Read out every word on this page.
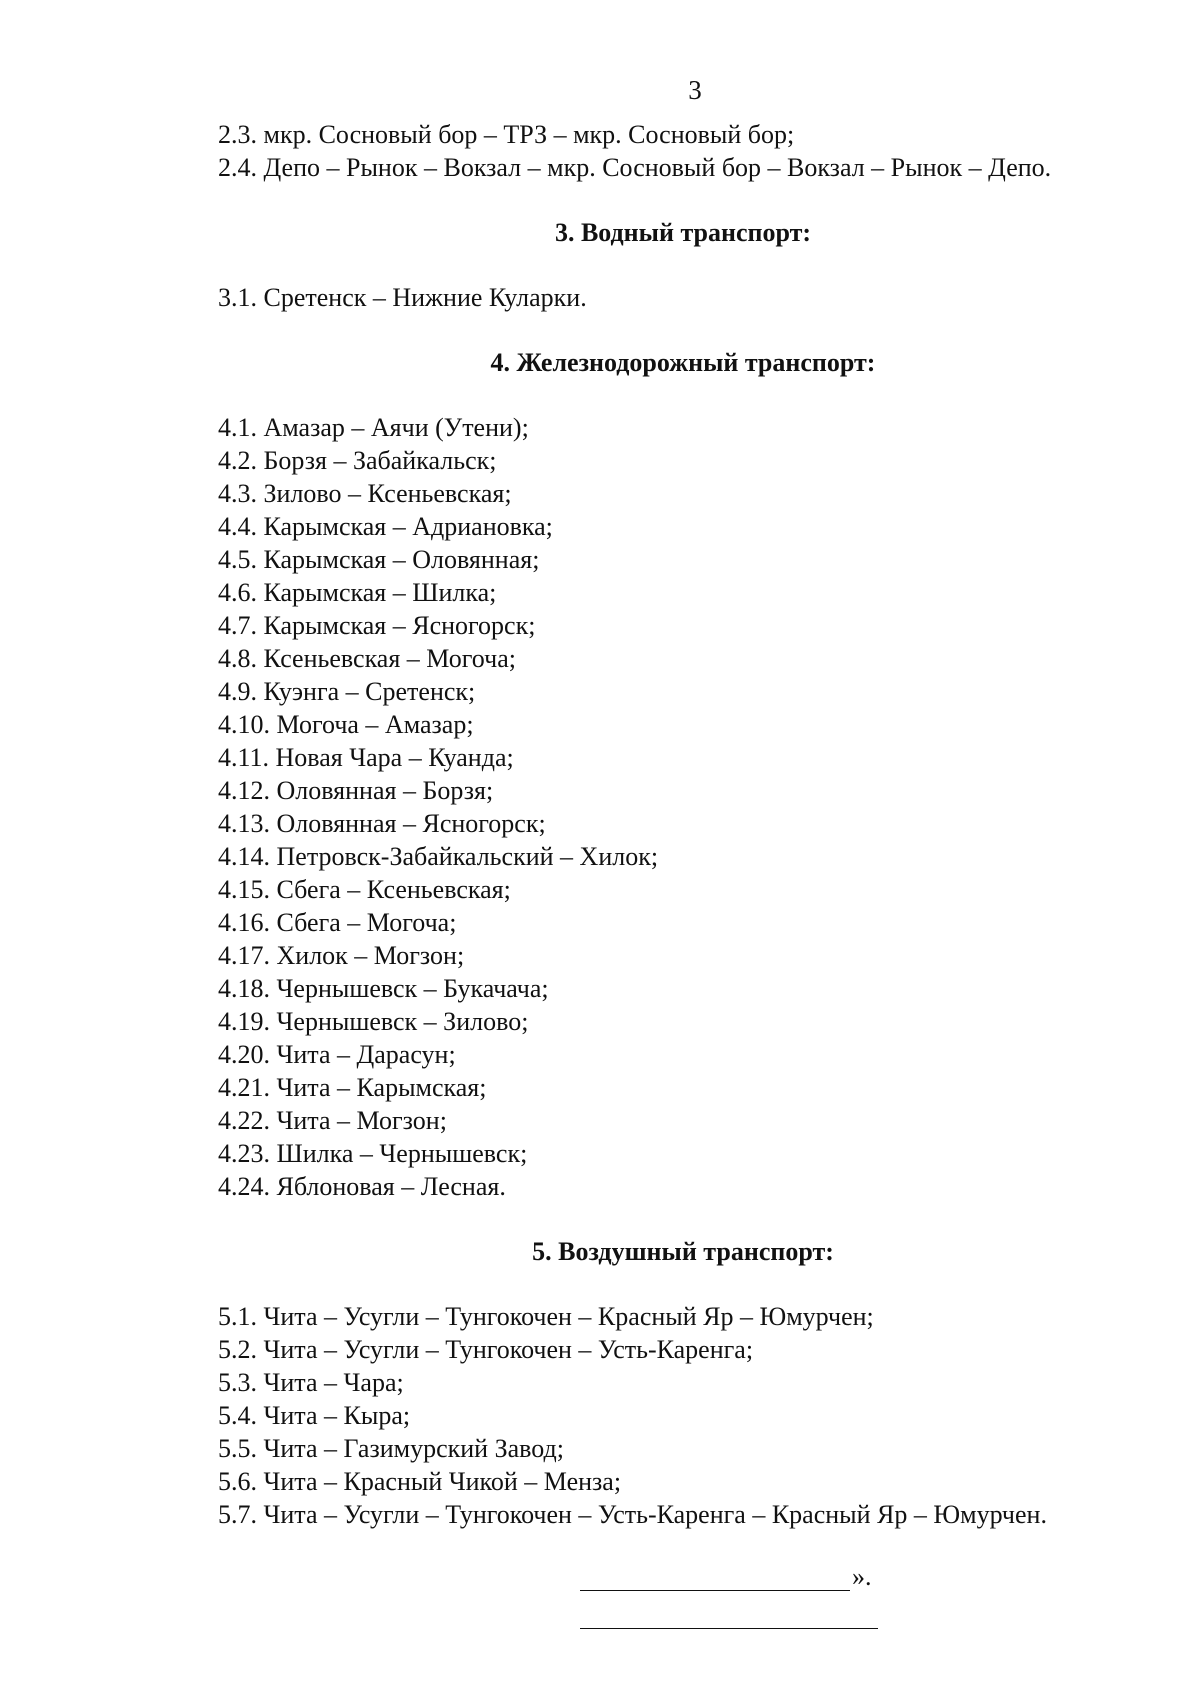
3
2.3. мкр. Сосновый бор – ТРЗ – мкр. Сосновый бор;
2.4. Депо – Рынок – Вокзал – мкр. Сосновый бор – Вокзал – Рынок – Депо.
3. Водный транспорт:
3.1. Сретенск – Нижние Куларки.
4. Железнодорожный транспорт:
4.1. Амазар – Аячи (Утени);
4.2. Борзя – Забайкальск;
4.3. Зилово – Ксеньевская;
4.4. Карымская – Адриановка;
4.5. Карымская – Оловянная;
4.6. Карымская – Шилка;
4.7. Карымская – Ясногорск;
4.8. Ксеньевская – Могоча;
4.9. Куэнга – Сретенск;
4.10. Могоча – Амазар;
4.11. Новая Чара – Куанда;
4.12. Оловянная – Борзя;
4.13. Оловянная – Ясногорск;
4.14. Петровск-Забайкальский – Хилок;
4.15. Сбега – Ксеньевская;
4.16. Сбега – Могоча;
4.17. Хилок – Могзон;
4.18. Чернышевск – Букачача;
4.19. Чернышевск – Зилово;
4.20. Чита – Дарасун;
4.21. Чита – Карымская;
4.22. Чита – Могзон;
4.23. Шилка – Чернышевск;
4.24. Яблоновая – Лесная.
5. Воздушный транспорт:
5.1. Чита – Усугли – Тунгокочен – Красный Яр – Юмурчен;
5.2. Чита – Усугли – Тунгокочен – Усть-Каренга;
5.3. Чита – Чара;
5.4. Чита – Кыра;
5.5. Чита – Газимурский Завод;
5.6. Чита – Красный Чикой – Менза;
5.7. Чита – Усугли – Тунгокочен – Усть-Каренга – Красный Яр – Юмурчен.
».
